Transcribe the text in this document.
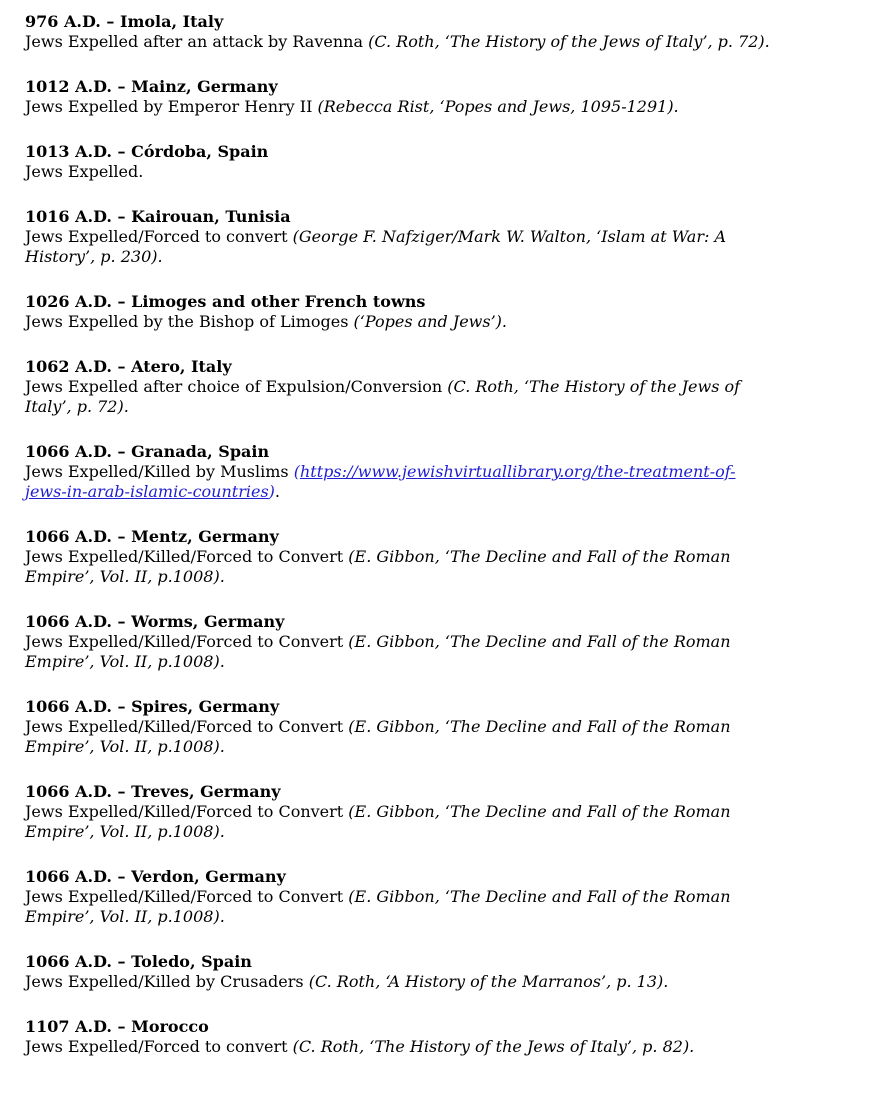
976 A.D. – Imola, Italy
Jews Expelled after an attack by Ravenna (C. Roth, ‘The History of the Jews of Italy’, p. 72).
1012 A.D. – Mainz, Germany
Jews Expelled by Emperor Henry II (Rebecca Rist, ‘Popes and Jews, 1095-1291).
1013 A.D. – Córdoba, Spain
Jews Expelled.
1016 A.D. – Kairouan, Tunisia
Jews Expelled/Forced to convert (George F. Nafziger/Mark W. Walton, ‘Islam at War: A
History’, p. 230).
1026 A.D. – Limoges and other French towns
Jews Expelled by the Bishop of Limoges (‘Popes and Jews’).
1062 A.D. – Atero, Italy
Jews Expelled after choice of Expulsion/Conversion (C. Roth, ‘The History of the Jews of
Italy’, p. 72).
1066 A.D. – Granada, Spain
Jews Expelled/Killed by Muslims (https://www.jewishvirtuallibrary.org/the-treatment-of-
jews-in-arab-islamic-countries).
1066 A.D. – Mentz, Germany
Jews Expelled/Killed/Forced to Convert (E. Gibbon, ‘The Decline and Fall of the Roman
Empire’, Vol. II, p.1008).
1066 A.D. – Worms, Germany
Jews Expelled/Killed/Forced to Convert (E. Gibbon, ‘The Decline and Fall of the Roman
Empire’, Vol. II, p.1008).
1066 A.D. – Spires, Germany
Jews Expelled/Killed/Forced to Convert (E. Gibbon, ‘The Decline and Fall of the Roman
Empire’, Vol. II, p.1008).
1066 A.D. – Treves, Germany
Jews Expelled/Killed/Forced to Convert (E. Gibbon, ‘The Decline and Fall of the Roman
Empire’, Vol. II, p.1008).
1066 A.D. – Verdon, Germany
Jews Expelled/Killed/Forced to Convert (E. Gibbon, ‘The Decline and Fall of the Roman
Empire’, Vol. II, p.1008).
1066 A.D. – Toledo, Spain
Jews Expelled/Killed by Crusaders (C. Roth, ‘A History of the Marranos’, p. 13).
1107 A.D. – Morocco
Jews Expelled/Forced to convert (C. Roth, ‘The History of the Jews of Italy’, p. 82).
